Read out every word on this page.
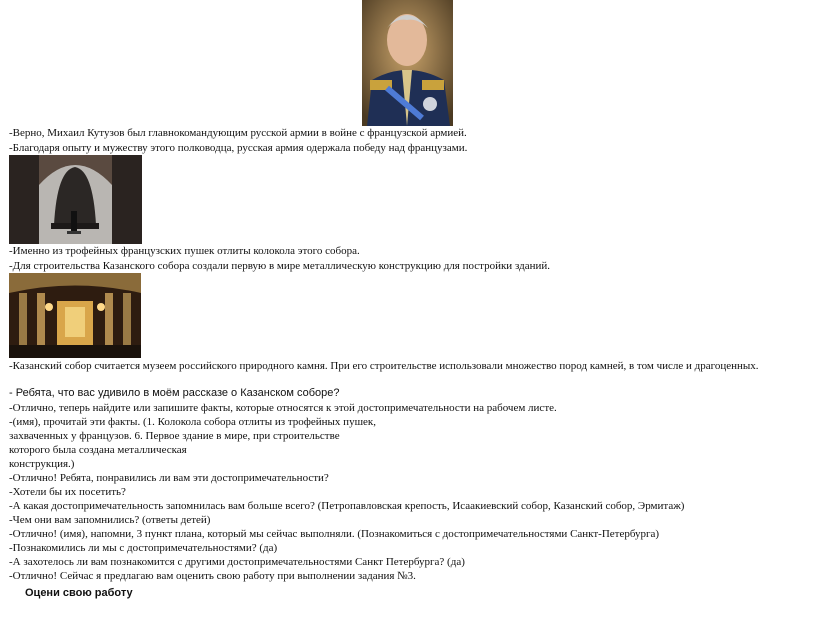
-Верно, Михаил Кутузов был главнокомандующим русской армии в войне с французской армией.
-Благодаря опыту и мужеству этого полководца, русская армия одержала победу над французами.
-Именно из трофейных французских пушек отлиты колокола этого собора.
-Для строительства Казанского собора создали первую в мире металлическую конструкцию для постройки зданий.
-Казанский собор считается музеем российского природного камня. При его строительстве использовали множество пород камней, в том числе и драгоценных.
- Ребята, что вас удивило в моём рассказе о Казанском соборе?
-Отлично, теперь найдите или запишите факты, которые относятся к этой достопримечательности на рабочем листе.
-(имя), прочитай эти факты. (1. Колокола собора отлиты из трофейных пушек,
захваченных у французов. 6. Первое здание в мире, при строительстве
которого была создана металлическая
конструкция.)
-Отлично! Ребята, понравились ли вам эти достопримечательности?
-Хотели бы их посетить?
-А какая достопримечательность запомнилась вам больше всего? (Петропавловская крепость, Исаакиевский собор, Казанский собор, Эрмитаж)
-Чем они вам запомнились? (ответы детей)
-Отлично! (имя), напомни, 3 пункт плана, который мы сейчас выполняли. (Познакомиться с достопримечательностями Санкт-Петербурга)
-Познакомились ли мы с достопримечательностями? (да)
-А захотелось ли вам познакомится с другими достопримечательностями Санкт Петербурга? (да)
-Отлично! Сейчас я предлагаю вам оценить свою работу при выполнении задания №3.
Оцени свою работу
